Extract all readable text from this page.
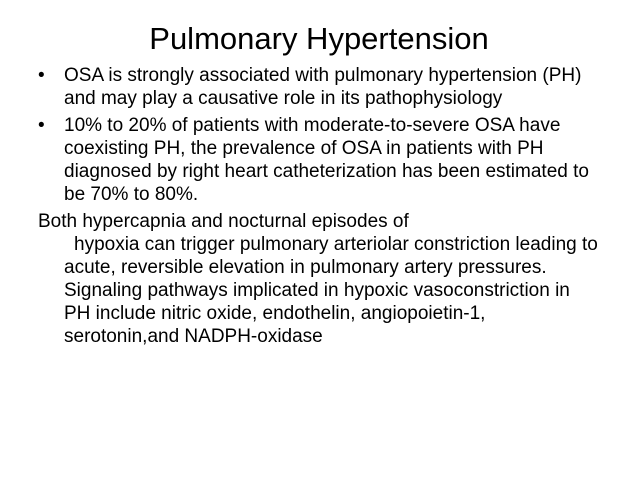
Pulmonary Hypertension
• OSA is strongly associated with pulmonary hypertension (PH) and may play a causative role in its pathophysiology
• 10% to 20% of patients with moderate-to-severe OSA have coexisting PH, the prevalence of OSA in patients with PH diagnosed by right heart catheterization has been estimated to be 70% to 80%.

Both hypercapnia and nocturnal episodes of

hypoxia can trigger pulmonary arteriolar constriction leading to acute, reversible elevation in pulmonary artery pressures.

Signaling pathways implicated in hypoxic vasoconstriction in PH include nitric oxide, endothelin, angiopoietin-1, serotonin,and NADPH-oxidase
